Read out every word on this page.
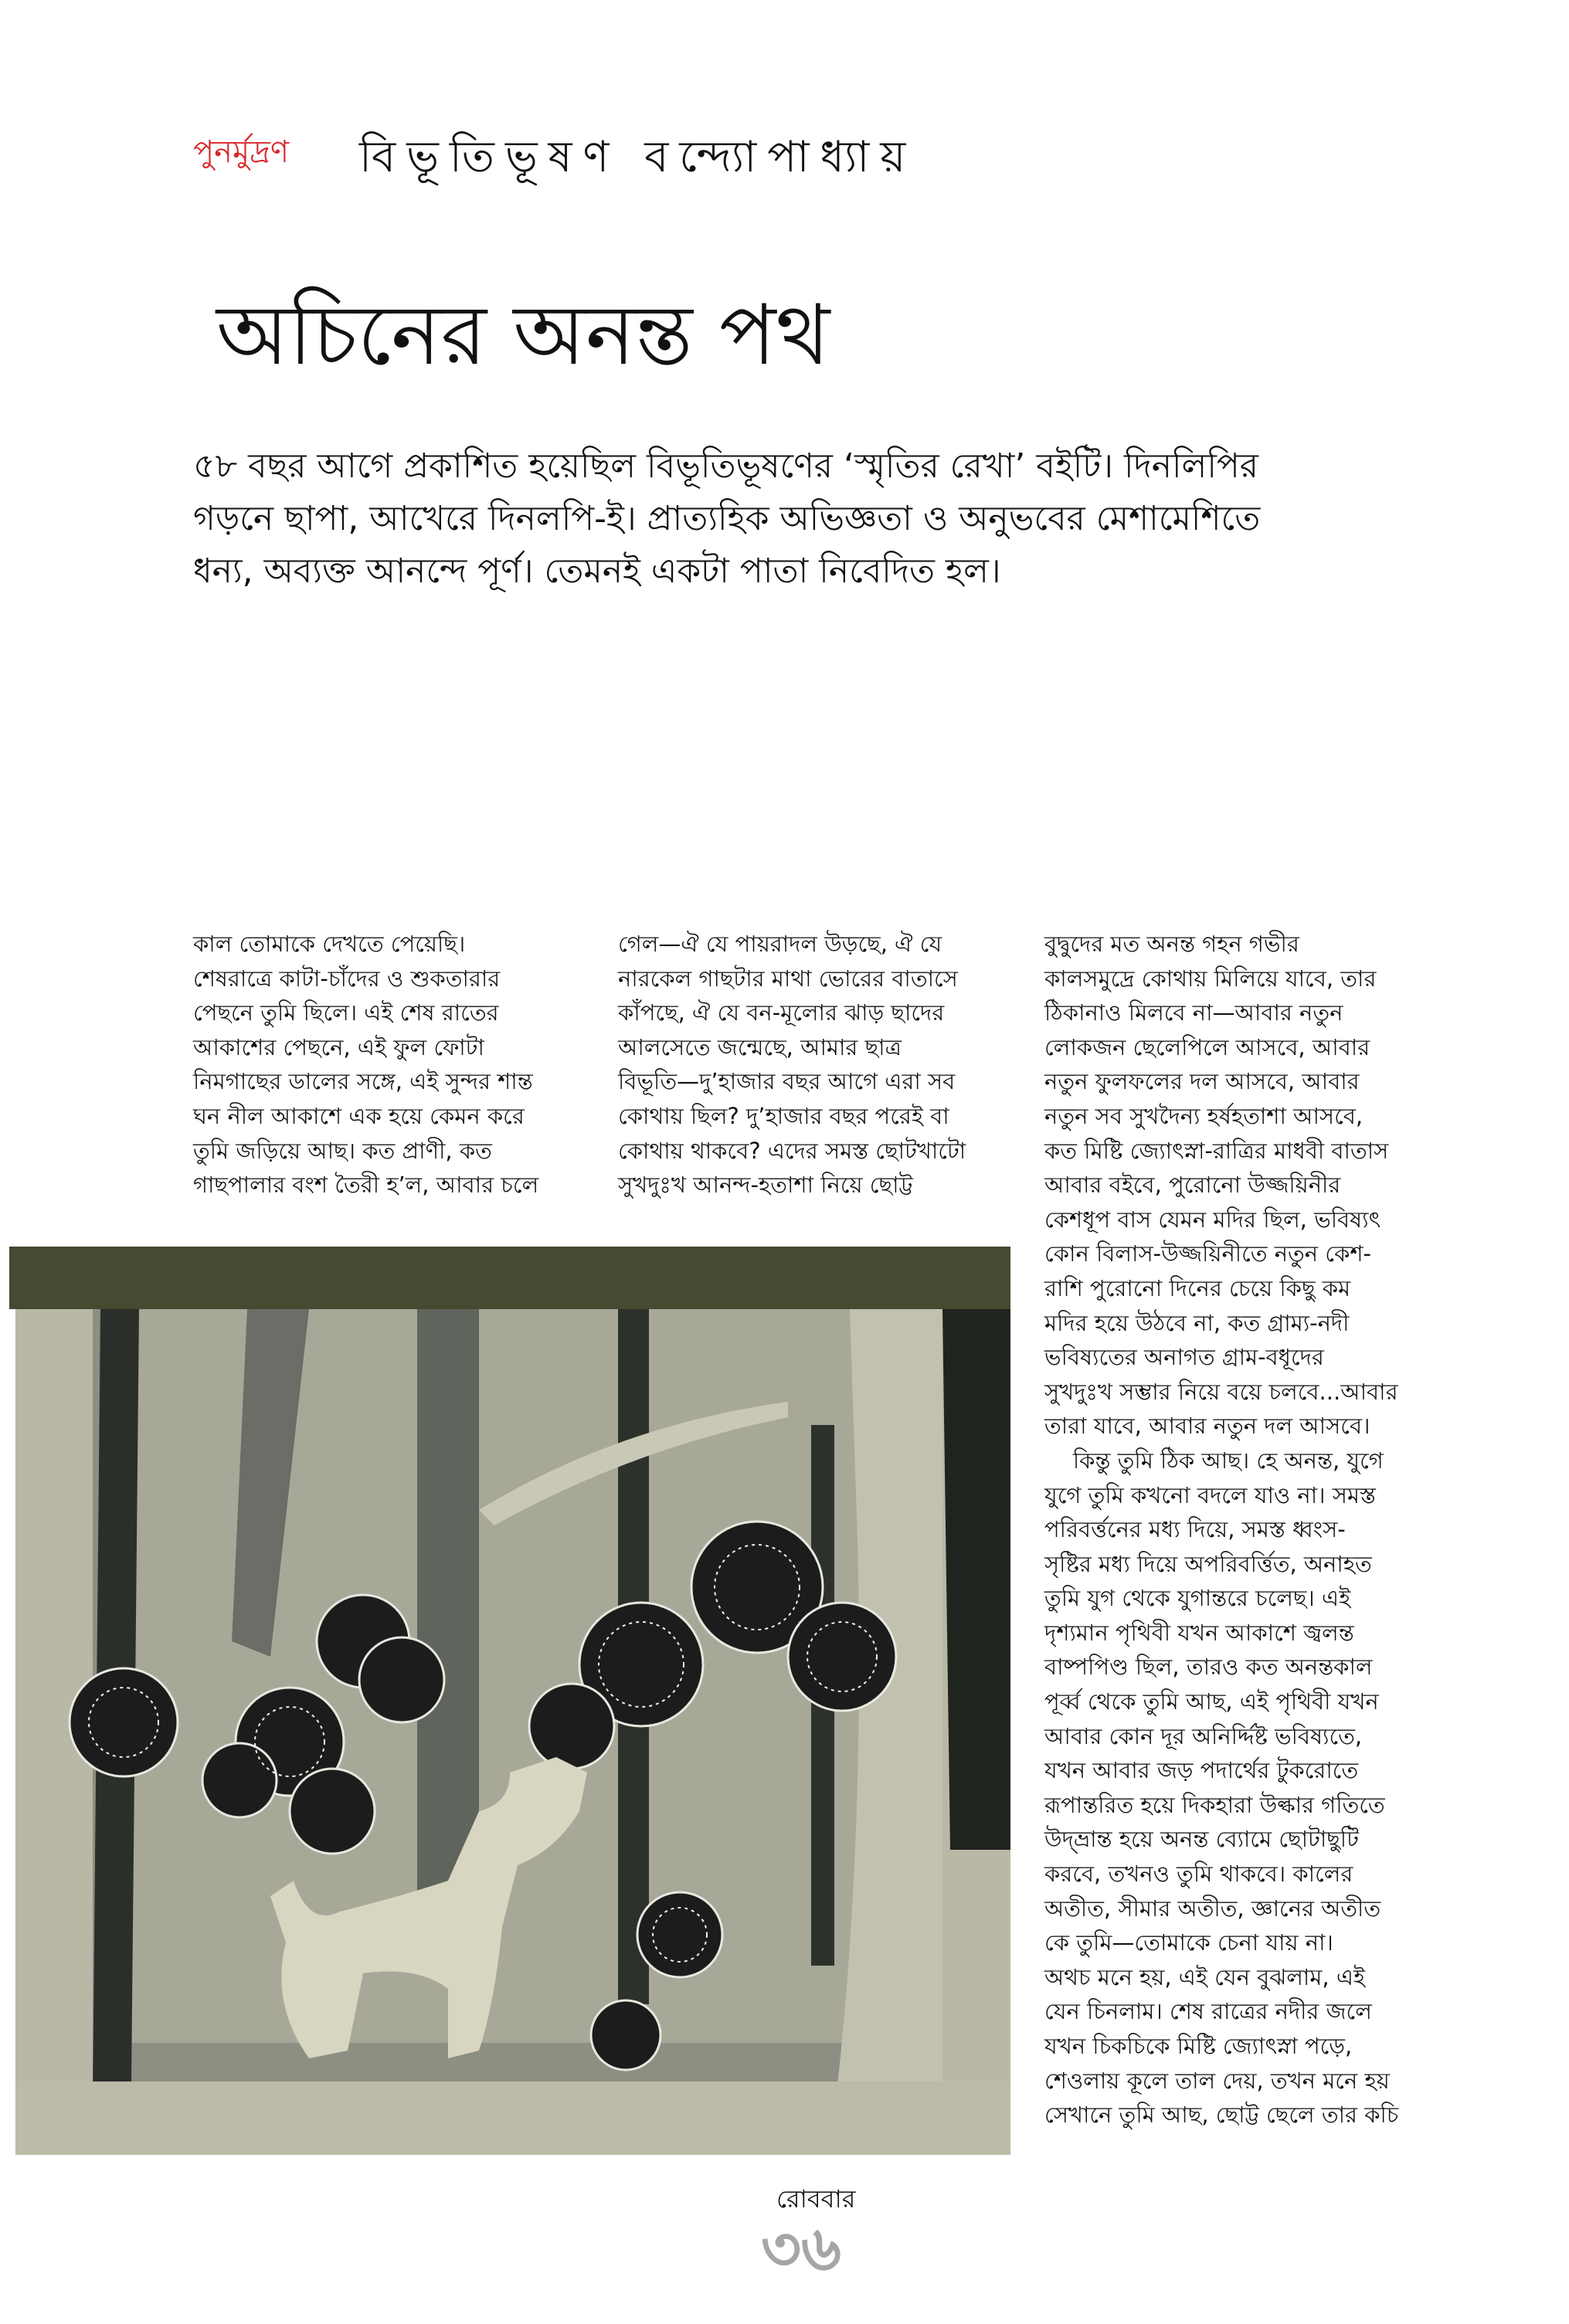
পুনর্মুদ্রণ বিভূতিভূষণ বন্দ্যোপাধ্যায়
অচিনের অনন্ত পথ
৫৮ বছর আগে প্রকাশিত হয়েছিল বিভূতিভূষণের ‘স্মৃতির রেখা’ বইটি। দিনলিপির
গড়নে ছাপা, আখেরে দিনলপি-ই। প্রাত্যহিক অভিজ্ঞতা ও অনুভবের মেশামেশিতে
ধন্য, অব্যক্ত আনন্দে পূর্ণ। তেমনই একটা পাতা নিবেদিত হল।
কাল তোমাকে দেখতে পেয়েছি।
শেষরাত্রে কাটা-চাঁদের ও শুকতারার
পেছনে তুমি ছিলে। এই শেষ রাতের
আকাশের পেছনে, এই ফুল ফোটা
নিমগাছের ডালের সঙ্গে, এই সুন্দর শান্ত
ঘন নীল আকাশে এক হয়ে কেমন করে
তুমি জড়িয়ে আছ। কত প্রাণী, কত
গাছপালার বংশ তৈরী হ’ল, আবার চলে
গেল—ঐ যে পায়রাদল উড়ছে, ঐ যে
নারকেল গাছটার মাথা ভোরের বাতাসে
কাঁপছে, ঐ যে বন-মূলোর ঝাড় ছাদের
আলসেতে জন্মেছে, আমার ছাত্র
বিভূতি—দু’হাজার বছর আগে এরা সব
কোথায় ছিল? দু’হাজার বছর পরেই বা
কোথায় থাকবে? এদের সমস্ত ছোটখাটো
সুখদুঃখ আনন্দ-হতাশা নিয়ে ছোট্ট
বুদ্বুদের মত অনন্ত গহন গভীর
কালসমুদ্রে কোথায় মিলিয়ে যাবে, তার
ঠিকানাও মিলবে না—আবার নতুন
লোকজন ছেলেপিলে আসবে, আবার
নতুন ফুলফলের দল আসবে, আবার
নতুন সব সুখদৈন্য হর্ষহতাশা আসবে,
কত মিষ্টি জ্যোৎস্না-রাত্রির মাধবী বাতাস
আবার বইবে, পুরোনো উজ্জয়িনীর
কেশধূপ বাস যেমন মদির ছিল, ভবিষ্যৎ
কোন বিলাস-উজ্জয়িনীতে নতুন কেশ-
রাশি পুরোনো দিনের চেয়ে কিছু কম
মদির হয়ে উঠবে না, কত গ্রাম্য-নদী
ভবিষ্যতের অনাগত গ্রাম-বধূদের
সুখদুঃখ সম্ভার নিয়ে বয়ে চলবে...আবার
তারা যাবে, আবার নতুন দল আসবে।
কিন্তু তুমি ঠিক আছ। হে অনন্ত, যুগে
যুগে তুমি কখনো বদলে যাও না। সমস্ত
পরিবর্ত্তনের মধ্য দিয়ে, সমস্ত ধ্বংস-
সৃষ্টির মধ্য দিয়ে অপরিবর্ত্তিত, অনাহত
তুমি যুগ থেকে যুগান্তরে চলেছ। এই
দৃশ্যমান পৃথিবী যখন আকাশে জ্বলন্ত
বাষ্পপিণ্ড ছিল, তারও কত অনন্তকাল
পূর্ব্ব থেকে তুমি আছ, এই পৃথিবী যখন
আবার কোন দূর অনির্দ্দিষ্ট ভবিষ্যতে,
যখন আবার জড় পদার্থের টুকরোতে
রূপান্তরিত হয়ে দিকহারা উল্কার গতিতে
উদ্‌ভ্রান্ত হয়ে অনন্ত ব্যোমে ছোটাছুটি
করবে, তখনও তুমি থাকবে। কালের
অতীত, সীমার অতীত, জ্ঞানের অতীত
কে তুমি—তোমাকে চেনা যায় না।
অথচ মনে হয়, এই যেন বুঝলাম, এই
যেন চিনলাম। শেষ রাত্রের নদীর জলে
যখন চিকচিকে মিষ্টি জ্যোৎস্না পড়ে,
শেওলায় কূলে তাল দেয়, তখন মনে হয়
সেখানে তুমি আছ, ছোট্ট ছেলে তার কচি
রোববার
৩৬
